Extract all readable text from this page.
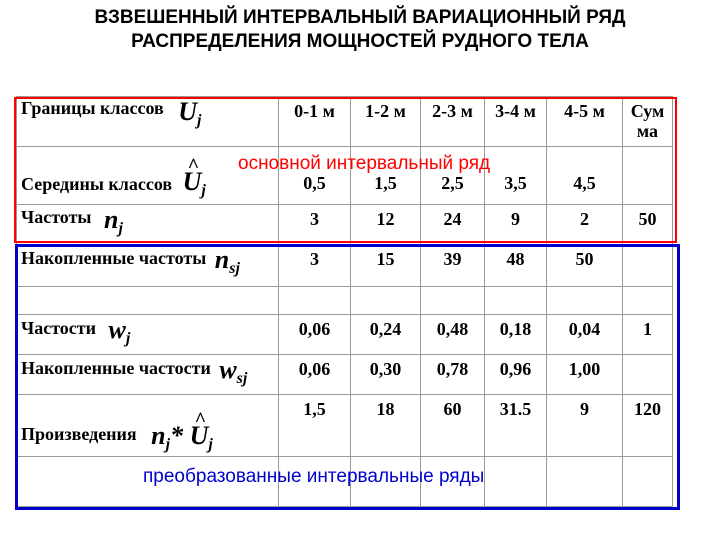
ВЗВЕШЕННЫЙ ИНТЕРВАЛЬНЫЙ ВАРИАЦИОННЫЙ РЯД
РАСПРЕДЕЛЕНИЯ МОЩНОСТЕЙ РУДНОГО ТЕЛА
Границы классов $U_j$	0-1 м	1-2 м	2-3 м	3-4 м	4-5 м	Сум
ма

Середины классов ^ $U_j$	0,5	1,5	2,5	3,5	4,5	
Частоты $n_j$	3	12	24	9	2	50
Накопленные частоты $n_{sj}$	3	15	39	48	50	

Частости $w_j$	0,06	0,24	0,48	0,18	0,04	1
Накопленные частости $w_{sj}$	0,06	0,30	0,78	0,96	1,00	
Произведения $n_j*$ ^ $U_j$	1,5	18	60	31.5	9	120

основной интервальный ряд
преобразованные интервальные ряды
